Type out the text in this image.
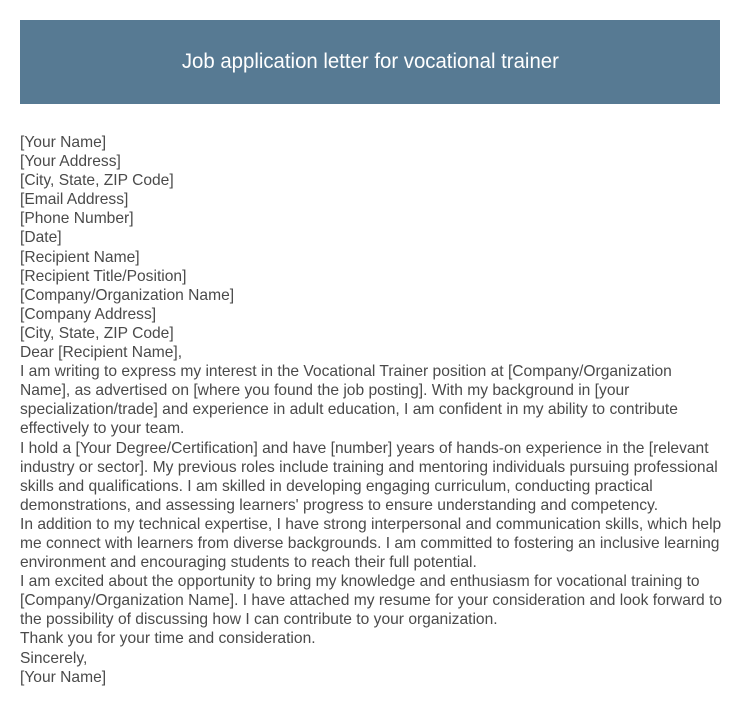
Job application letter for vocational trainer
[Your Name]
[Your Address]
[City, State, ZIP Code]
[Email Address]
[Phone Number]
[Date]
[Recipient Name]
[Recipient Title/Position]
[Company/Organization Name]
[Company Address]
[City, State, ZIP Code]
Dear [Recipient Name],
I am writing to express my interest in the Vocational Trainer position at [Company/Organization Name], as advertised on [where you found the job posting]. With my background in [your specialization/trade] and experience in adult education, I am confident in my ability to contribute effectively to your team.
I hold a [Your Degree/Certification] and have [number] years of hands-on experience in the [relevant industry or sector]. My previous roles include training and mentoring individuals pursuing professional skills and qualifications. I am skilled in developing engaging curriculum, conducting practical demonstrations, and assessing learners' progress to ensure understanding and competency.
In addition to my technical expertise, I have strong interpersonal and communication skills, which help me connect with learners from diverse backgrounds. I am committed to fostering an inclusive learning environment and encouraging students to reach their full potential.
I am excited about the opportunity to bring my knowledge and enthusiasm for vocational training to [Company/Organization Name]. I have attached my resume for your consideration and look forward to the possibility of discussing how I can contribute to your organization.
Thank you for your time and consideration.
Sincerely,
[Your Name]
